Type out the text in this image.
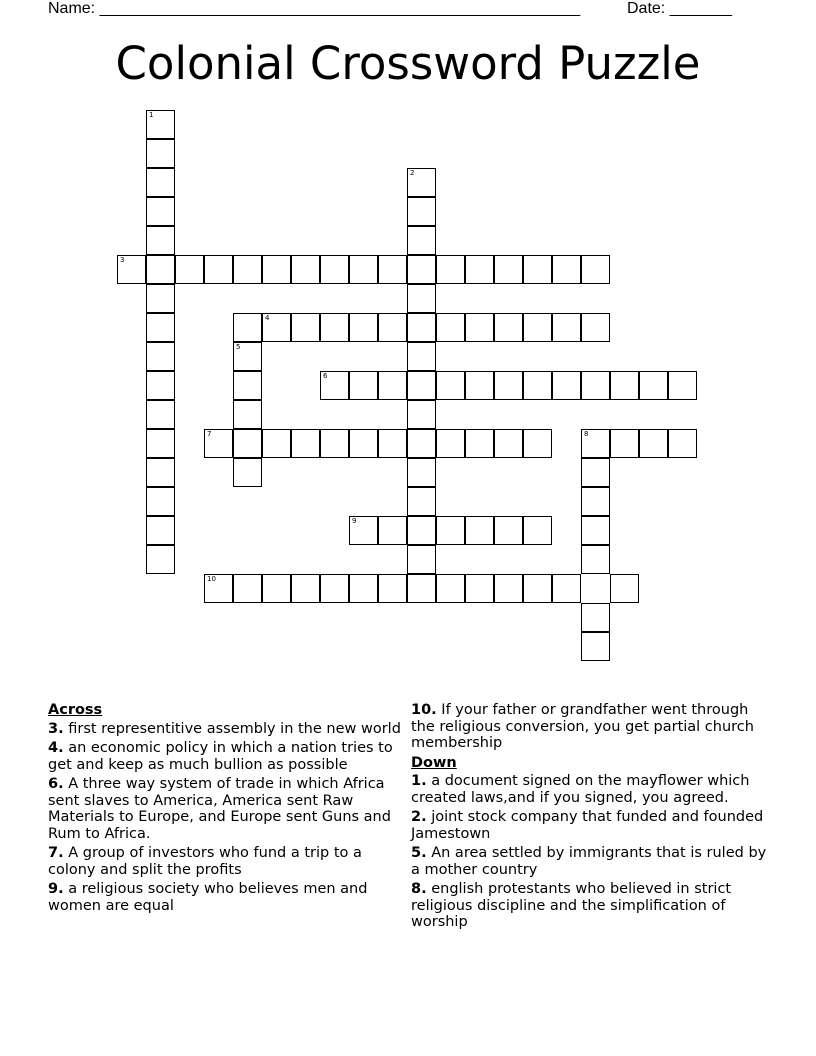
Name: ______________________________________________________	Date: _______
Colonial Crossword Puzzle
1
2
3
4
5
6
7	8
9
10
Across
3. first representitive assembly in the new world
4. an economic policy in which a nation tries to get and keep as much bullion as possible
6. A three way system of trade in which Africa sent slaves to America, America sent Raw Materials to Europe, and Europe sent Guns and Rum to Africa.
7. A group of investors who fund a trip to a colony and split the profits
9. a religious society who believes men and women are equal
10. If your father or grandfather went through the religious conversion, you get partial church membership
Down
1. a document signed on the mayflower which created laws,and if you signed, you agreed.
2. joint stock company that funded and founded Jamestown
5. An area settled by immigrants that is ruled by a mother country
8. english protestants who believed in strict religious discipline and the simplification of worship
